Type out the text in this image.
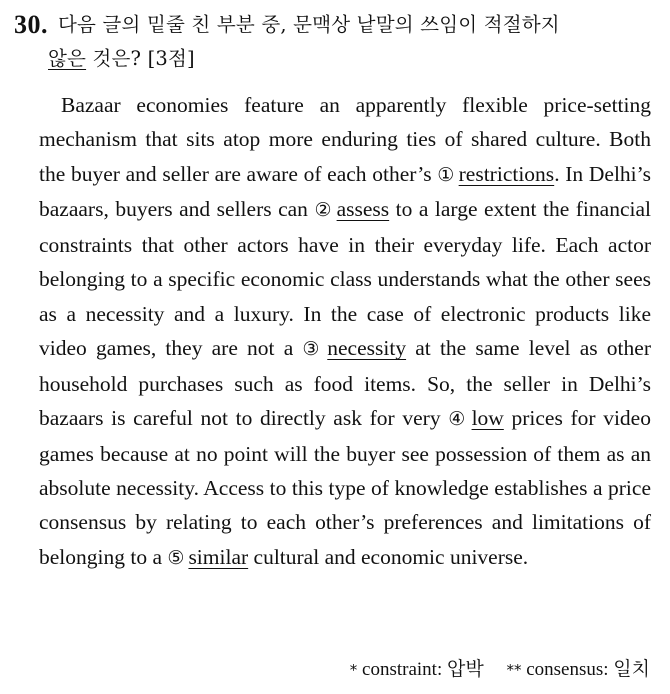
30. 다음 글의 밑줄 친 부분 중, 문맥상 낱말의 쓰임이 적절하지
않은 것은? [3점]

Bazaar economies feature an apparently flexible price-setting mechanism that sits atop more enduring ties of shared culture. Both the buyer and seller are aware of each other’s ① restrictions. In Delhi’s bazaars, buyers and sellers can ② assess to a large extent the financial constraints that other actors have in their everyday life. Each actor belonging to a specific economic class understands what the other sees as a necessity and a luxury. In the case of electronic products like video games, they are not a ③ necessity at the same level as other household purchases such as food items. So, the seller in Delhi’s bazaars is careful not to directly ask for very ④ low prices for video games because at no point will the buyer see possession of them as an absolute necessity. Access to this type of knowledge establishes a price consensus by relating to each other’s preferences and limitations of belonging to a ⑤ similar cultural and economic universe.

* constraint: 압박 ** consensus: 일치
